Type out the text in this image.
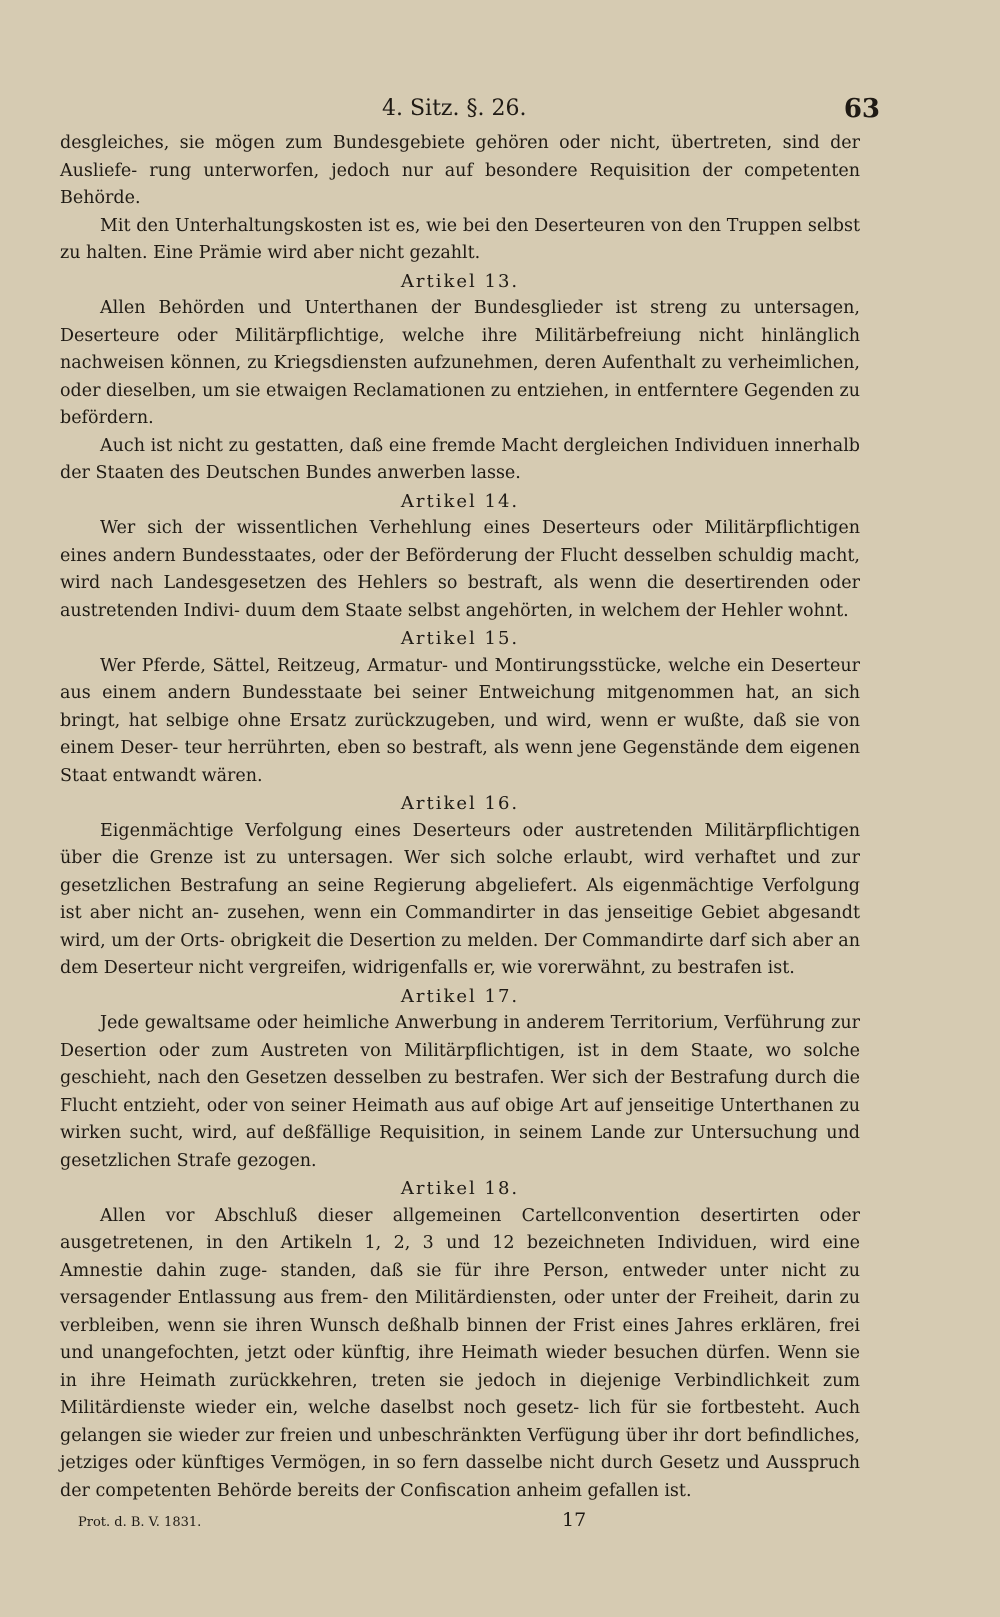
4. Sitz. §. 26.	63

desgleiches, sie mögen zum Bundesgebiete gehören oder nicht, übertreten, sind der Ausliefe- rung unterworfen, jedoch nur auf besondere Requisition der competenten Behörde.

Mit den Unterhaltungskosten ist es, wie bei den Deserteuren von den Truppen selbst zu halten. Eine Prämie wird aber nicht gezahlt.

Artikel 13.

Allen Behörden und Unterthanen der Bundesglieder ist streng zu untersagen, Deserteure oder Militärpflichtige, welche ihre Militärbefreiung nicht hinlänglich nachweisen können, zu Kriegsdiensten aufzunehmen, deren Aufenthalt zu verheimlichen, oder dieselben, um sie etwaigen Reclamationen zu entziehen, in entferntere Gegenden zu befördern.

Auch ist nicht zu gestatten, daß eine fremde Macht dergleichen Individuen innerhalb der Staaten des Deutschen Bundes anwerben lasse.

Artikel 14.

Wer sich der wissentlichen Verhehlung eines Deserteurs oder Militärpflichtigen eines andern Bundesstaates, oder der Beförderung der Flucht desselben schuldig macht, wird nach Landesgesetzen des Hehlers so bestraft, als wenn die desertirenden oder austretenden Indivi- duum dem Staate selbst angehörten, in welchem der Hehler wohnt.

Artikel 15.

Wer Pferde, Sättel, Reitzeug, Armatur- und Montirungsstücke, welche ein Deserteur aus einem andern Bundesstaate bei seiner Entweichung mitgenommen hat, an sich bringt, hat selbige ohne Ersatz zurückzugeben, und wird, wenn er wußte, daß sie von einem Deser- teur herrührten, eben so bestraft, als wenn jene Gegenstände dem eigenen Staat entwandt wären.

Artikel 16.

Eigenmächtige Verfolgung eines Deserteurs oder austretenden Militärpflichtigen über die Grenze ist zu untersagen. Wer sich solche erlaubt, wird verhaftet und zur gesetzlichen Bestrafung an seine Regierung abgeliefert. Als eigenmächtige Verfolgung ist aber nicht an- zusehen, wenn ein Commandirter in das jenseitige Gebiet abgesandt wird, um der Orts- obrigkeit die Desertion zu melden. Der Commandirte darf sich aber an dem Deserteur nicht vergreifen, widrigenfalls er, wie vorerwähnt, zu bestrafen ist.

Artikel 17.

Jede gewaltsame oder heimliche Anwerbung in anderem Territorium, Verführung zur Desertion oder zum Austreten von Militärpflichtigen, ist in dem Staate, wo solche geschieht, nach den Gesetzen desselben zu bestrafen. Wer sich der Bestrafung durch die Flucht entzieht, oder von seiner Heimath aus auf obige Art auf jenseitige Unterthanen zu wirken sucht, wird, auf deßfällige Requisition, in seinem Lande zur Untersuchung und gesetzlichen Strafe gezogen.

Artikel 18.

Allen vor Abschluß dieser allgemeinen Cartellconvention desertirten oder ausgetretenen, in den Artikeln 1, 2, 3 und 12 bezeichneten Individuen, wird eine Amnestie dahin zuge- standen, daß sie für ihre Person, entweder unter nicht zu versagender Entlassung aus frem- den Militärdiensten, oder unter der Freiheit, darin zu verbleiben, wenn sie ihren Wunsch deßhalb binnen der Frist eines Jahres erklären, frei und unangefochten, jetzt oder künftig, ihre Heimath wieder besuchen dürfen. Wenn sie in ihre Heimath zurückkehren, treten sie jedoch in diejenige Verbindlichkeit zum Militärdienste wieder ein, welche daselbst noch gesetz- lich für sie fortbesteht. Auch gelangen sie wieder zur freien und unbeschränkten Verfügung über ihr dort befindliches, jetziges oder künftiges Vermögen, in so fern dasselbe nicht durch Gesetz und Ausspruch der competenten Behörde bereits der Confiscation anheim gefallen ist.

Prot. d. B. V. 1831.	17
